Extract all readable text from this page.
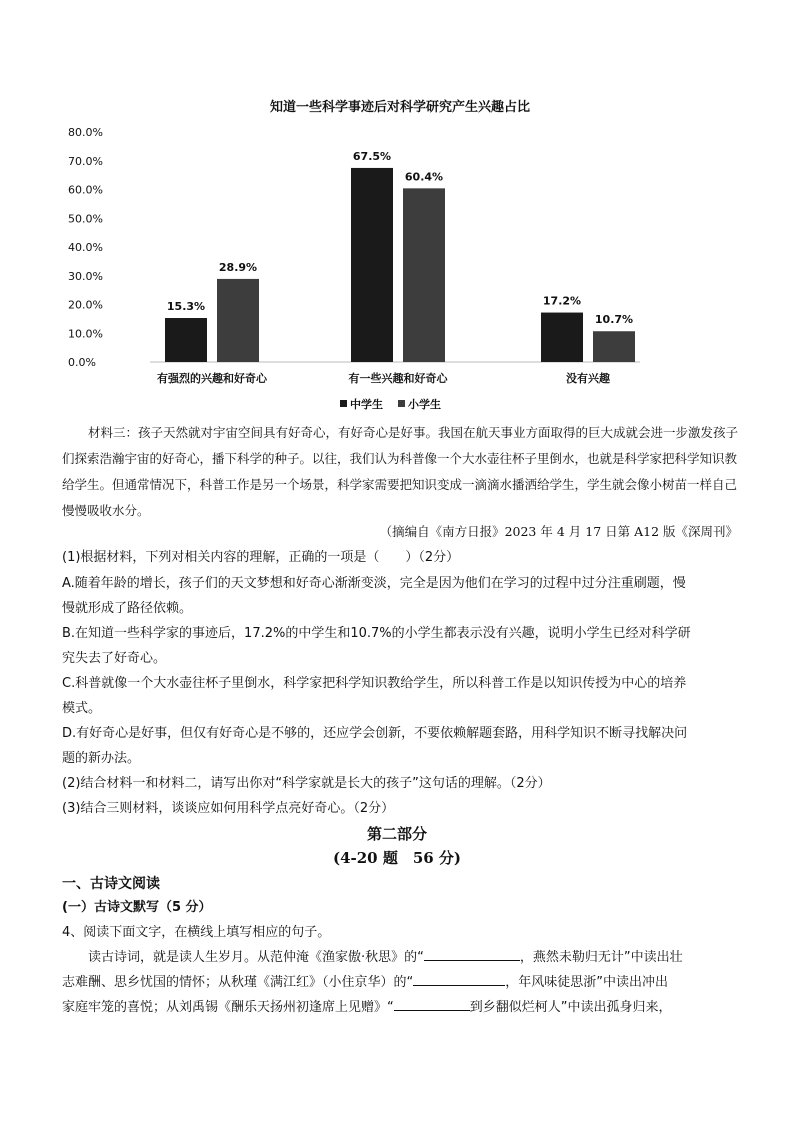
知道一些科学事迹后对科学研究产生兴趣占比
0.0%
10.0%
20.0%
30.0%
40.0%
50.0%
60.0%
70.0%
80.0%
15.3%
67.5%
17.2%
28.9%
60.4%
10.7%
有强烈的兴趣和好奇心	有一些兴趣和好奇心	没有兴趣
中学生 小学生

材料三：孩子天然就对宇宙空间具有好奇心，有好奇心是好事。我国在航天事业方面取得的巨大成就会进一步激发孩子们探索浩瀚宇宙的好奇心，播下科学的种子。以往，我们认为科普像一个大水壶往杯子里倒水，也就是科学家把科学知识教给学生。但通常情况下，科普工作是另一个场景，科学家需要把知识变成一滴滴水播洒给学生，学生就会像小树苗一样自己慢慢吸收水分。

（摘编自《南方日报》2023 年 4 月 17 日第 A12 版《深周刊》

(1)根据材料，下列对相关内容的理解，正确的一项是（　　）（2分）

A.随着年龄的增长，孩子们的天文梦想和好奇心渐渐变淡，完全是因为他们在学习的过程中过分注重刷题，慢

慢就形成了路径依赖。

B.在知道一些科学家的事迹后，17.2%的中学生和10.7%的小学生都表示没有兴趣，说明小学生已经对科学研

究失去了好奇心。

C.科普就像一个大水壶往杯子里倒水，科学家把科学知识教给学生，所以科普工作是以知识传授为中心的培养

模式。

D.有好奇心是好事，但仅有好奇心是不够的，还应学会创新，不要依赖解题套路，用科学知识不断寻找解决问

题的新办法。

(2)结合材料一和材料二，请写出你对“科学家就是长大的孩子”这句话的理解。（2分）

(3)结合三则材料，谈谈应如何用科学点亮好奇心。（2分）

第二部分

(4-20 题　56 分)

一、古诗文阅读

(一）古诗文默写（5 分）

4、阅读下面文字，在横线上填写相应的句子。

读古诗词，就是读人生岁月。从范仲淹《渔家傲·秋思》的“	，燕然未勒归无计”中读出壮

志难酬、思乡忧国的情怀；从秋瑾《满江红》（小住京华）的“	，年风味徒思浙”中读出冲出

家庭牢笼的喜悦；从刘禹锡《酬乐天扬州初逢席上见赠》“	到乡翻似烂柯人”中读出孤身归来，
